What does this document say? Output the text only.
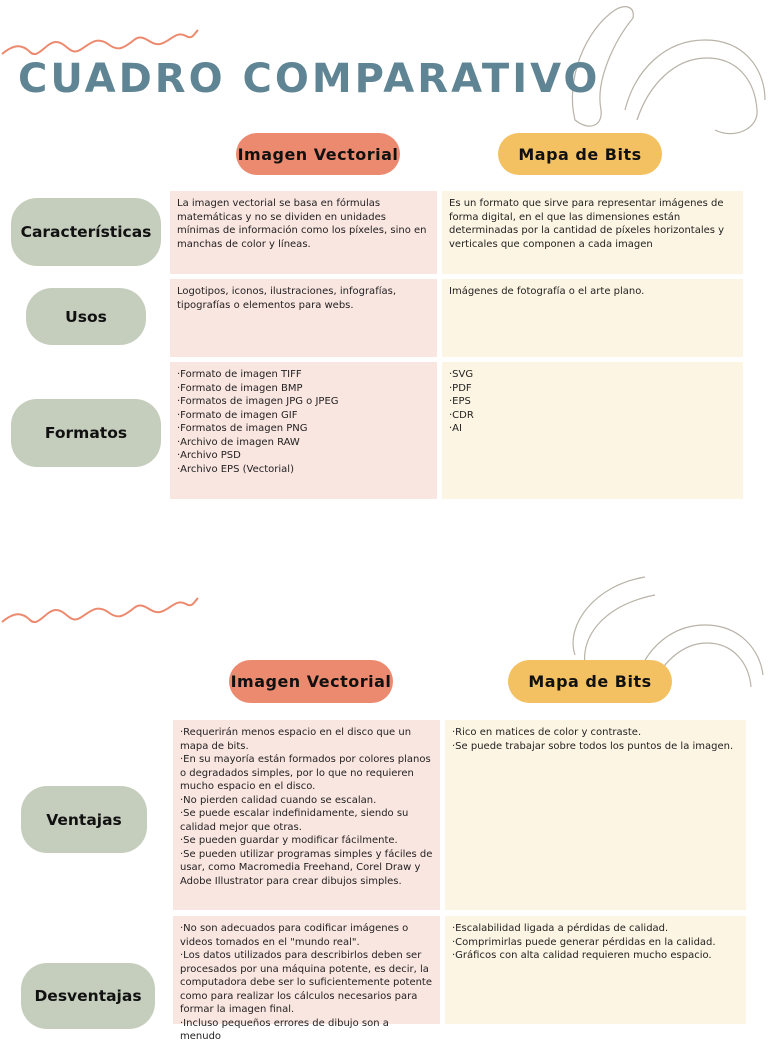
CUADRO COMPARATIVO
Imagen Vectorial	Mapa de Bits
Características
La imagen vectorial se basa en fórmulas matemáticas y no se dividen en unidades mínimas de información como los píxeles, sino en manchas de color y líneas.
Es un formato que sirve para representar imágenes de forma digital, en el que las dimensiones están determinadas por la cantidad de píxeles horizontales y verticales que componen a cada imagen
Usos
Logotipos, iconos, ilustraciones, infografías, tipografías o elementos para webs.
Imágenes de fotografía o el arte plano.
Formatos
·Formato de imagen TIFF
·Formato de imagen BMP
·Formatos de imagen JPG o JPEG
·Formato de imagen GIF
·Formatos de imagen PNG
·Archivo de imagen RAW
·Archivo PSD
·Archivo EPS (Vectorial)
·SVG
·PDF
·EPS
·CDR
·AI
Imagen Vectorial	Mapa de Bits
Ventajas
·Requerirán menos espacio en el disco que un mapa de bits.
·En su mayoría están formados por colores planos o degradados simples, por lo que no requieren mucho espacio en el disco.
·No pierden calidad cuando se escalan.
·Se puede escalar indefinidamente, siendo su calidad mejor que otras.
·Se pueden guardar y modificar fácilmente.
·Se pueden utilizar programas simples y fáciles de usar, como Macromedia Freehand, Corel Draw y Adobe Illustrator para crear dibujos simples.
·Rico en matices de color y contraste.
·Se puede trabajar sobre todos los puntos de la imagen.
Desventajas
·No son adecuados para codificar imágenes o videos tomados en el "mundo real".
·Los datos utilizados para describirlos deben ser procesados por una máquina potente, es decir, la computadora debe ser lo suficientemente potente como para realizar los cálculos necesarios para formar la imagen final.
·Incluso pequeños errores de dibujo son a menudo
·Escalabilidad ligada a pérdidas de calidad.
·Comprimirlas puede generar pérdidas en la calidad.
·Gráficos con alta calidad requieren mucho espacio.
